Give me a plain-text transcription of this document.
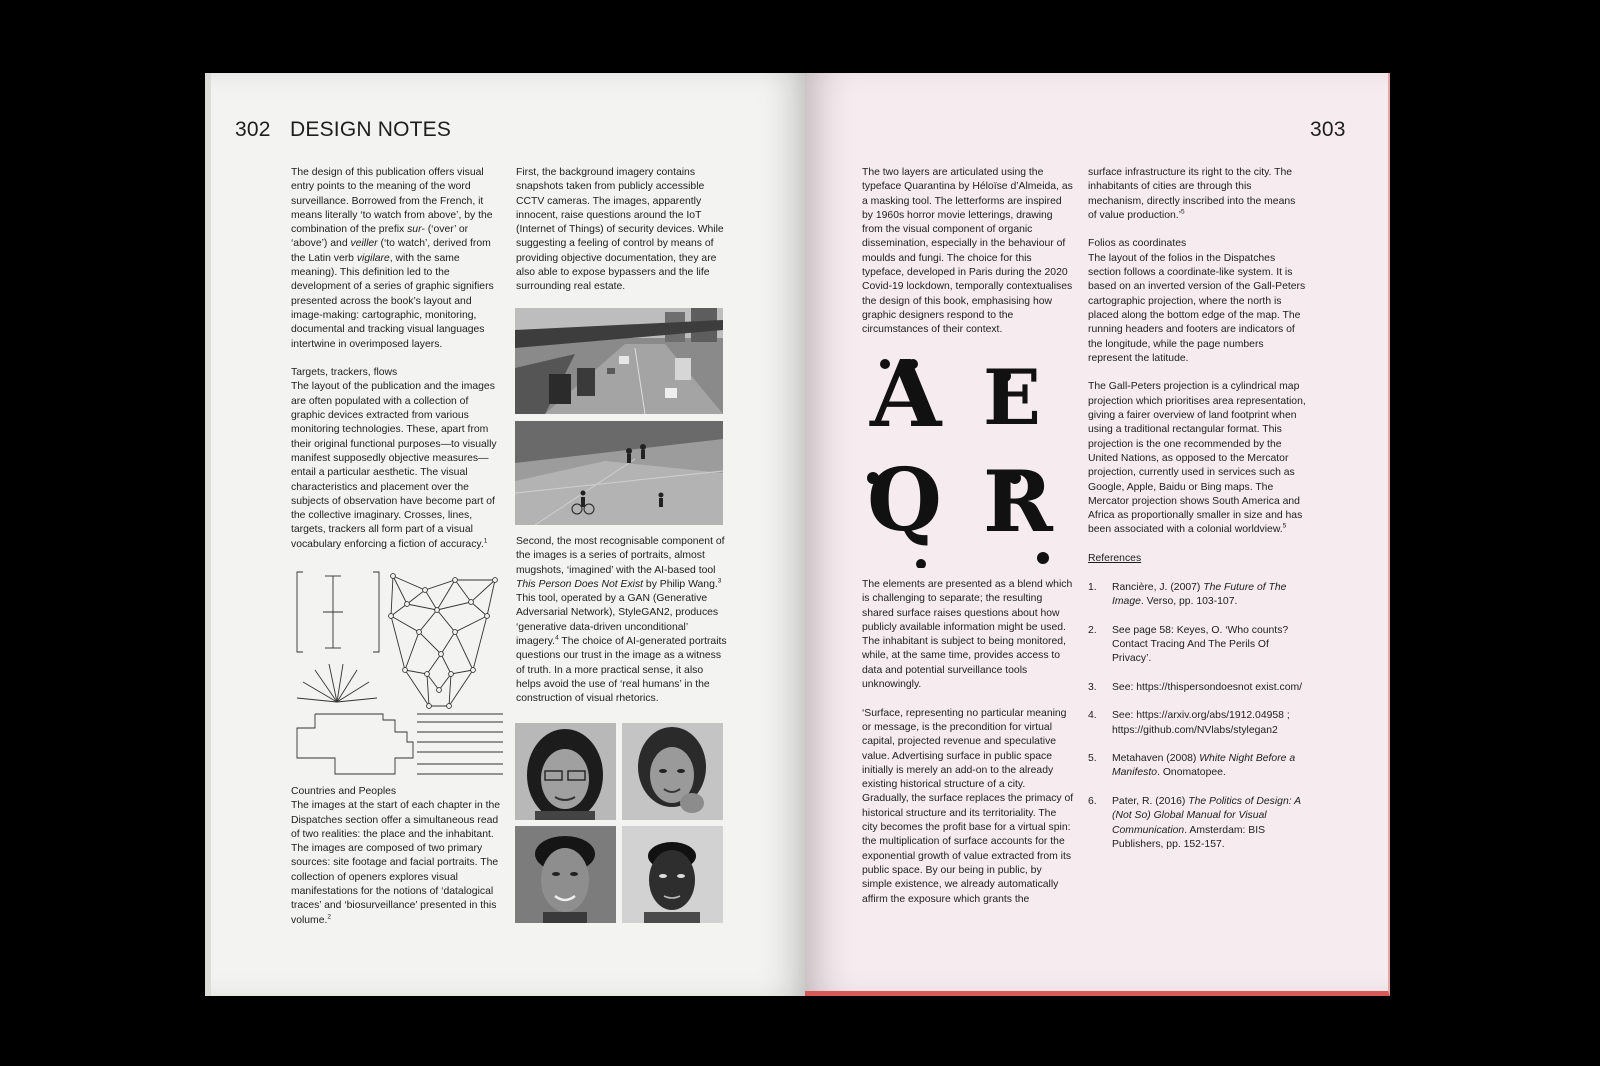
302 DESIGN NOTES

The design of this publication offers visual entry points to the meaning of the word surveillance. Borrowed from the French, it means literally ‘to watch from above’, by the combination of the prefix sur- (‘over’ or ‘above’) and veiller (‘to watch’, derived from the Latin verb vigilare, with the same meaning). This definition led to the development of a series of graphic signifiers presented across the book’s layout and image-making: cartographic, monitoring, documental and tracking visual languages intertwine in overimposed layers.

Targets, trackers, flows

The layout of the publication and the images are often populated with a collection of graphic devices extracted from various monitoring technologies. These, apart from their original functional purposes—to visually manifest supposedly objective measures—entail a particular aesthetic. The visual characteristics and placement over the subjects of observation have become part of the collective imaginary. Crosses, lines, targets, trackers all form part of a visual vocabulary enforcing a fiction of accuracy.$^1$

Countries and Peoples

The images at the start of each chapter in the Dispatches section offer a simultaneous read of two realities: the place and the inhabitant. The images are composed of two primary sources: site footage and facial portraits. The collection of openers explores visual manifestations for the notions of ‘datalogical traces’ and ‘biosurveillance’ presented in this volume.$^2$

First, the background imagery contains snapshots taken from publicly accessible CCTV cameras. The images, apparently innocent, raise questions around the IoT (Internet of Things) of security devices. While suggesting a feeling of control by means of providing objective documentation, they are also able to expose bypassers and the life surrounding real estate.

Second, the most recognisable component of the images is a series of portraits, almost mugshots, ‘imagined’ with the AI-based tool This Person Does Not Exist by Philip Wang.$^3$ This tool, operated by a GAN (Generative Adversarial Network), StyleGAN2, produces ‘generative data-driven unconditional’ imagery.$^4$ The choice of AI-generated portraits questions our trust in the image as a witness of truth. In a more practical sense, it also helps avoid the use of ‘real humans’ in the construction of visual rhetorics.

303

The two layers are articulated using the typeface Quarantina by Héloïse d’Almeida, as a masking tool. The letterforms are inspired by 1960s horror movie letterings, drawing from the visual component of organic dissemination, especially in the behaviour of moulds and fungi. The choice for this typeface, developed in Paris during the 2020 Covid-19 lockdown, temporally contextualises the design of this book, emphasising how graphic designers respond to the circumstances of their context.

A E
Q R

The elements are presented as a blend which is challenging to separate; the resulting shared surface raises questions about how publicly available information might be used. The inhabitant is subject to being monitored, while, at the same time, provides access to data and potential surveillance tools unknowingly.

‘Surface, representing no particular meaning or message, is the precondition for virtual capital, projected revenue and speculative value. Advertising surface in public space initially is merely an add-on to the already existing historical structure of a city. Gradually, the surface replaces the primacy of historical structure and its territoriality. The city becomes the profit base for a virtual spin: the multiplication of surface accounts for the exponential growth of value extracted from its public space. By our being in public, by simple existence, we already automatically affirm the exposure which grants the

surface infrastructure its right to the city. The inhabitants of cities are through this mechanism, directly inscribed into the means of value production.’$^5$

Folios as coordinates

The layout of the folios in the Dispatches section follows a coordinate-like system. It is based on an inverted version of the Gall-Peters cartographic projection, where the north is placed along the bottom edge of the map. The running headers and footers are indicators of the longitude, while the page numbers represent the latitude.

The Gall-Peters projection is a cylindrical map projection which prioritises area representation, giving a fairer overview of land footprint when using a traditional rectangular format. This projection is the one recommended by the United Nations, as opposed to the Mercator projection, currently used in services such as Google, Apple, Baidu or Bing maps. The Mercator projection shows South America and Africa as proportionally smaller in size and has been associated with a colonial worldview.$^5$

References
1. Rancière, J. (2007) The Future of The Image. Verso, pp. 103-107.
2. See page 58: Keyes, O. ‘Who counts? Contact Tracing And The Perils Of Privacy’.
3. See: https://thispersondoesnot exist.com/
4. See: https://arxiv.org/abs/1912.04958 ; https://github.com/NVlabs/stylegan2
5. Metahaven (2008) White Night Before a Manifesto. Onomatopee.
6. Pater, R. (2016) The Politics of Design: A (Not So) Global Manual for Visual Communication. Amsterdam: BIS Publishers, pp. 152-157.
